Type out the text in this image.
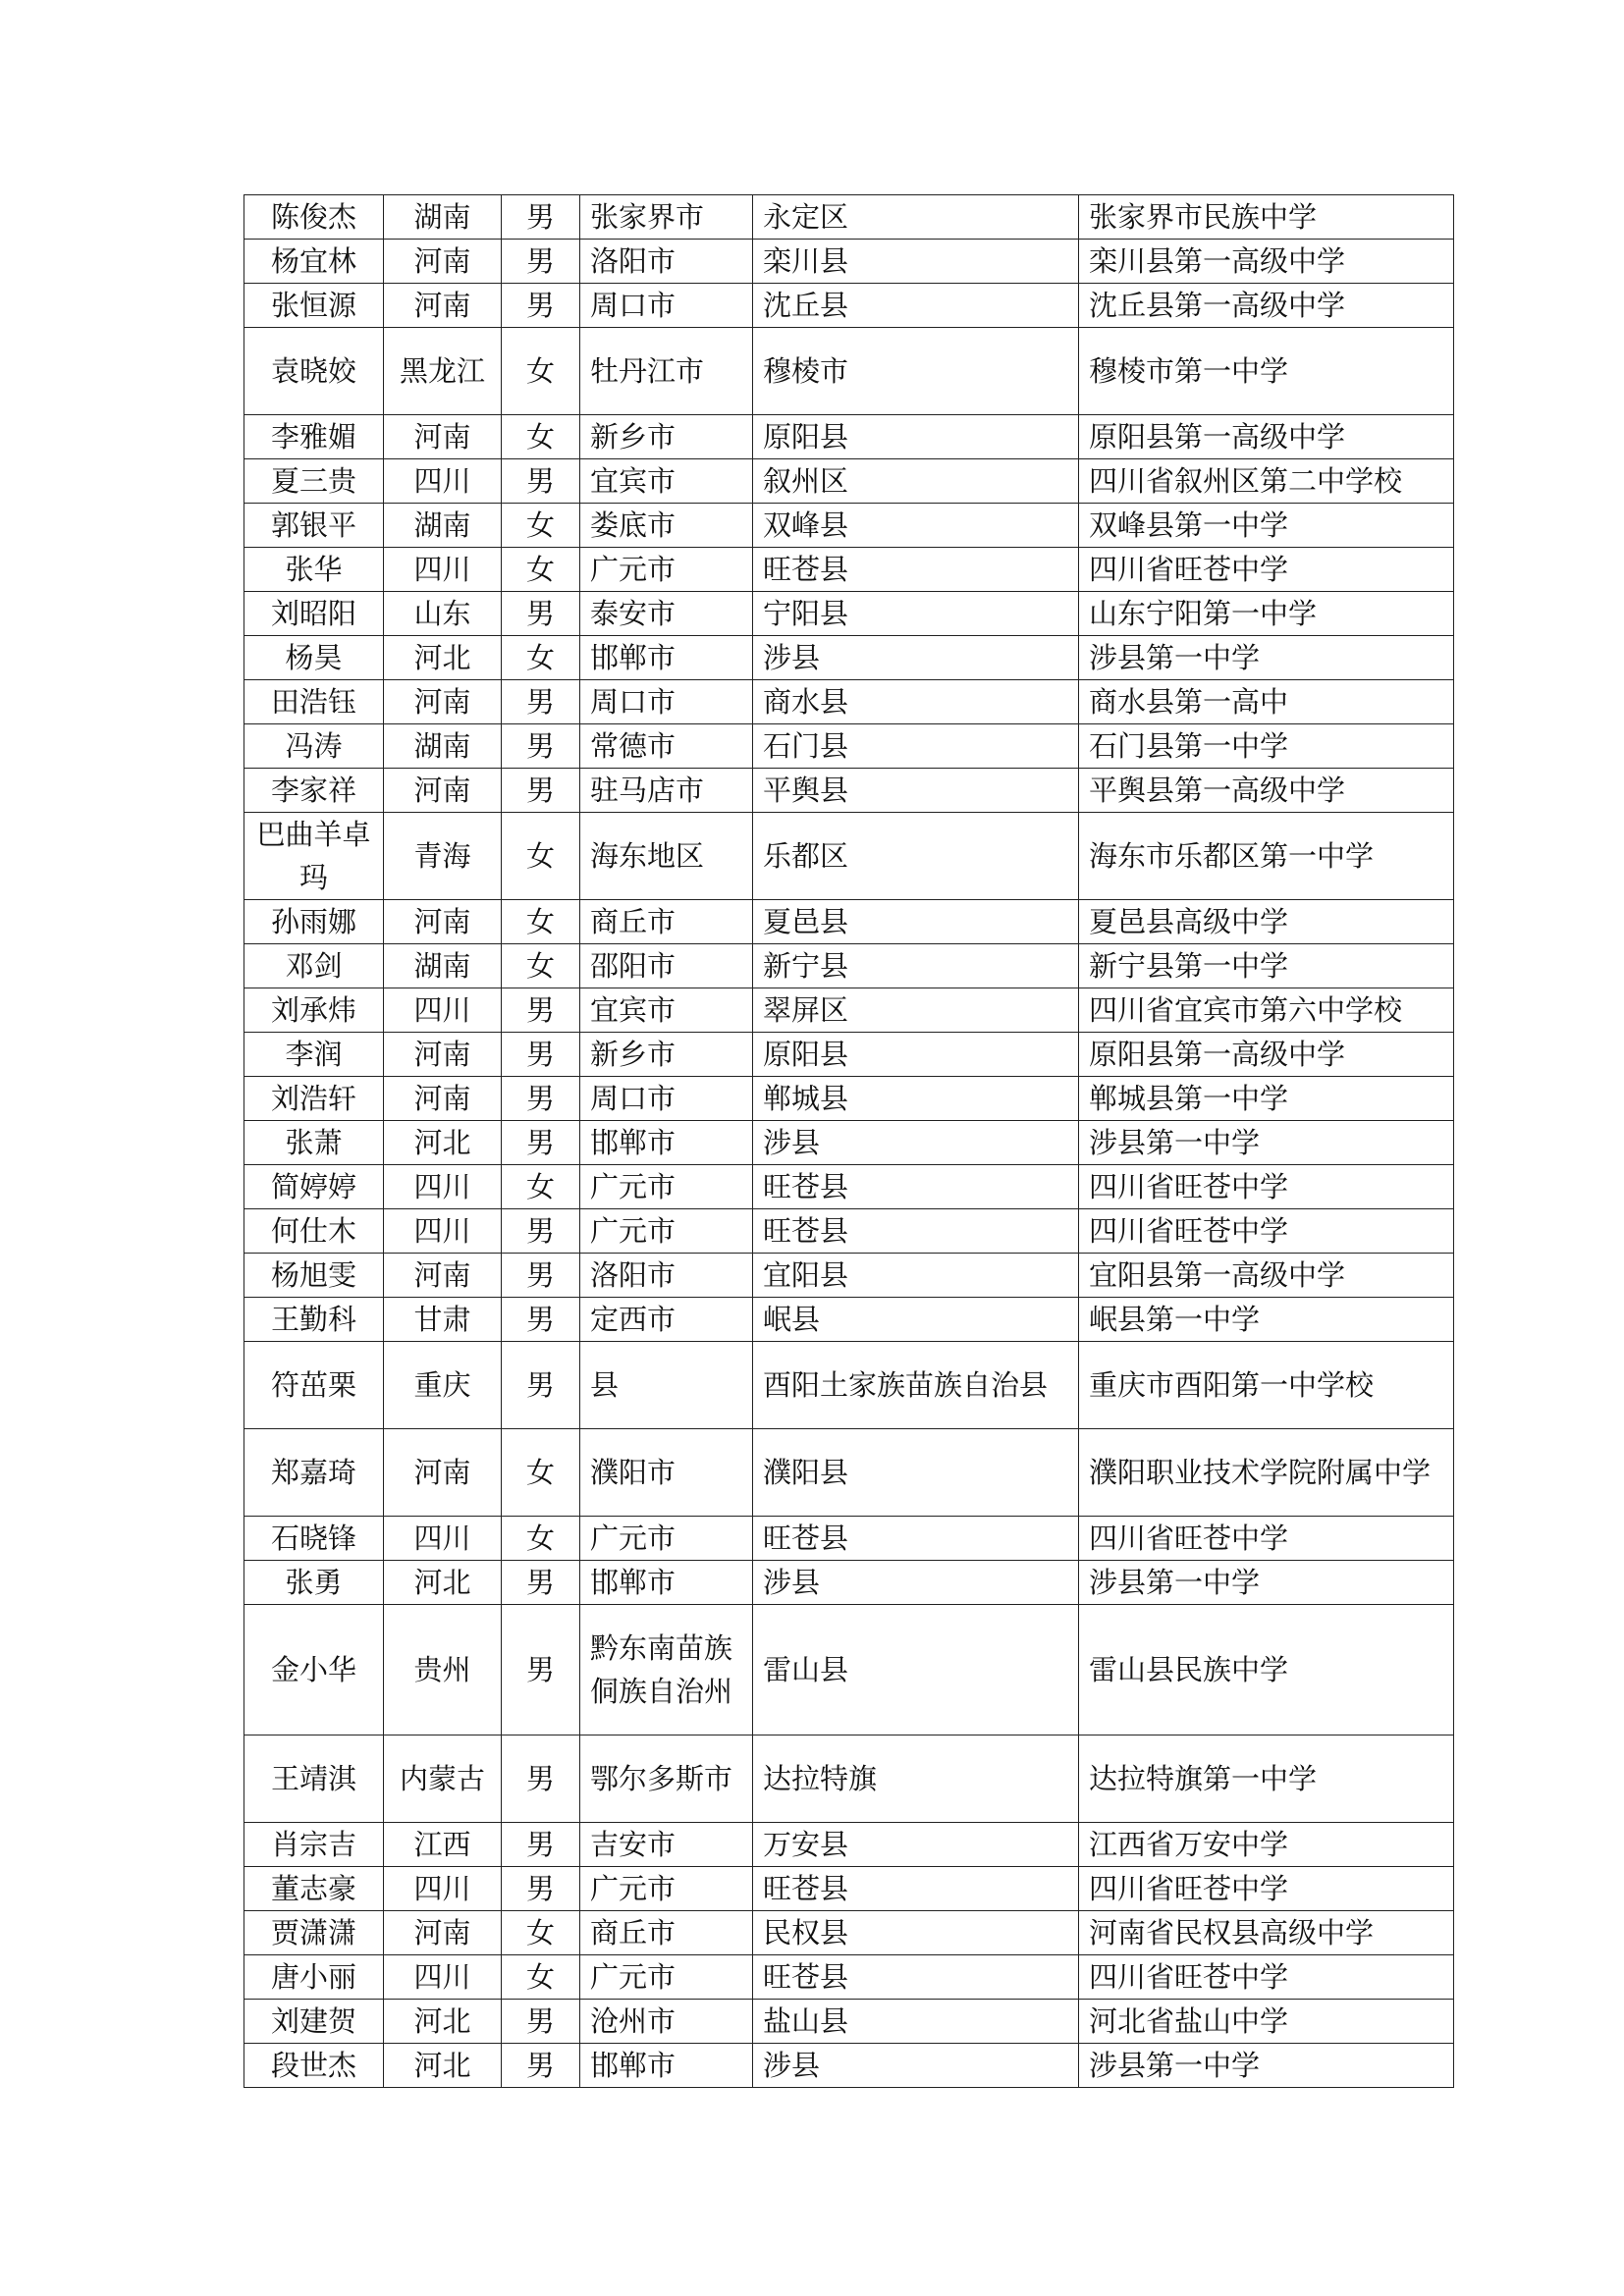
陈俊杰	湖南	男	张家界市	永定区	张家界市民族中学
杨宜林	河南	男	洛阳市	栾川县	栾川县第一高级中学
张恒源	河南	男	周口市	沈丘县	沈丘县第一高级中学
袁晓姣	黑龙江	女	牡丹江市	穆棱市	穆棱市第一中学
李雅媚	河南	女	新乡市	原阳县	原阳县第一高级中学
夏三贵	四川	男	宜宾市	叙州区	四川省叙州区第二中学校
郭银平	湖南	女	娄底市	双峰县	双峰县第一中学
张华	四川	女	广元市	旺苍县	四川省旺苍中学
刘昭阳	山东	男	泰安市	宁阳县	山东宁阳第一中学
杨昊	河北	女	邯郸市	涉县	涉县第一中学
田浩钰	河南	男	周口市	商水县	商水县第一高中
冯涛	湖南	男	常德市	石门县	石门县第一中学
李家祥	河南	男	驻马店市	平舆县	平舆县第一高级中学
巴曲羊卓玛	青海	女	海东地区	乐都区	海东市乐都区第一中学
孙雨娜	河南	女	商丘市	夏邑县	夏邑县高级中学
邓剑	湖南	女	邵阳市	新宁县	新宁县第一中学
刘承炜	四川	男	宜宾市	翠屏区	四川省宜宾市第六中学校
李润	河南	男	新乡市	原阳县	原阳县第一高级中学
刘浩轩	河南	男	周口市	郸城县	郸城县第一中学
张萧	河北	男	邯郸市	涉县	涉县第一中学
简婷婷	四川	女	广元市	旺苍县	四川省旺苍中学
何仕木	四川	男	广元市	旺苍县	四川省旺苍中学
杨旭雯	河南	男	洛阳市	宜阳县	宜阳县第一高级中学
王勤科	甘肃	男	定西市	岷县	岷县第一中学
符茁栗	重庆	男	县	酉阳土家族苗族自治县	重庆市酉阳第一中学校
郑嘉琦	河南	女	濮阳市	濮阳县	濮阳职业技术学院附属中学
石晓锋	四川	女	广元市	旺苍县	四川省旺苍中学
张勇	河北	男	邯郸市	涉县	涉县第一中学
金小华	贵州	男	黔东南苗族侗族自治州	雷山县	雷山县民族中学
王靖淇	内蒙古	男	鄂尔多斯市	达拉特旗	达拉特旗第一中学
肖宗吉	江西	男	吉安市	万安县	江西省万安中学
董志豪	四川	男	广元市	旺苍县	四川省旺苍中学
贾潇潇	河南	女	商丘市	民权县	河南省民权县高级中学
唐小丽	四川	女	广元市	旺苍县	四川省旺苍中学
刘建贺	河北	男	沧州市	盐山县	河北省盐山中学
段世杰	河北	男	邯郸市	涉县	涉县第一中学
